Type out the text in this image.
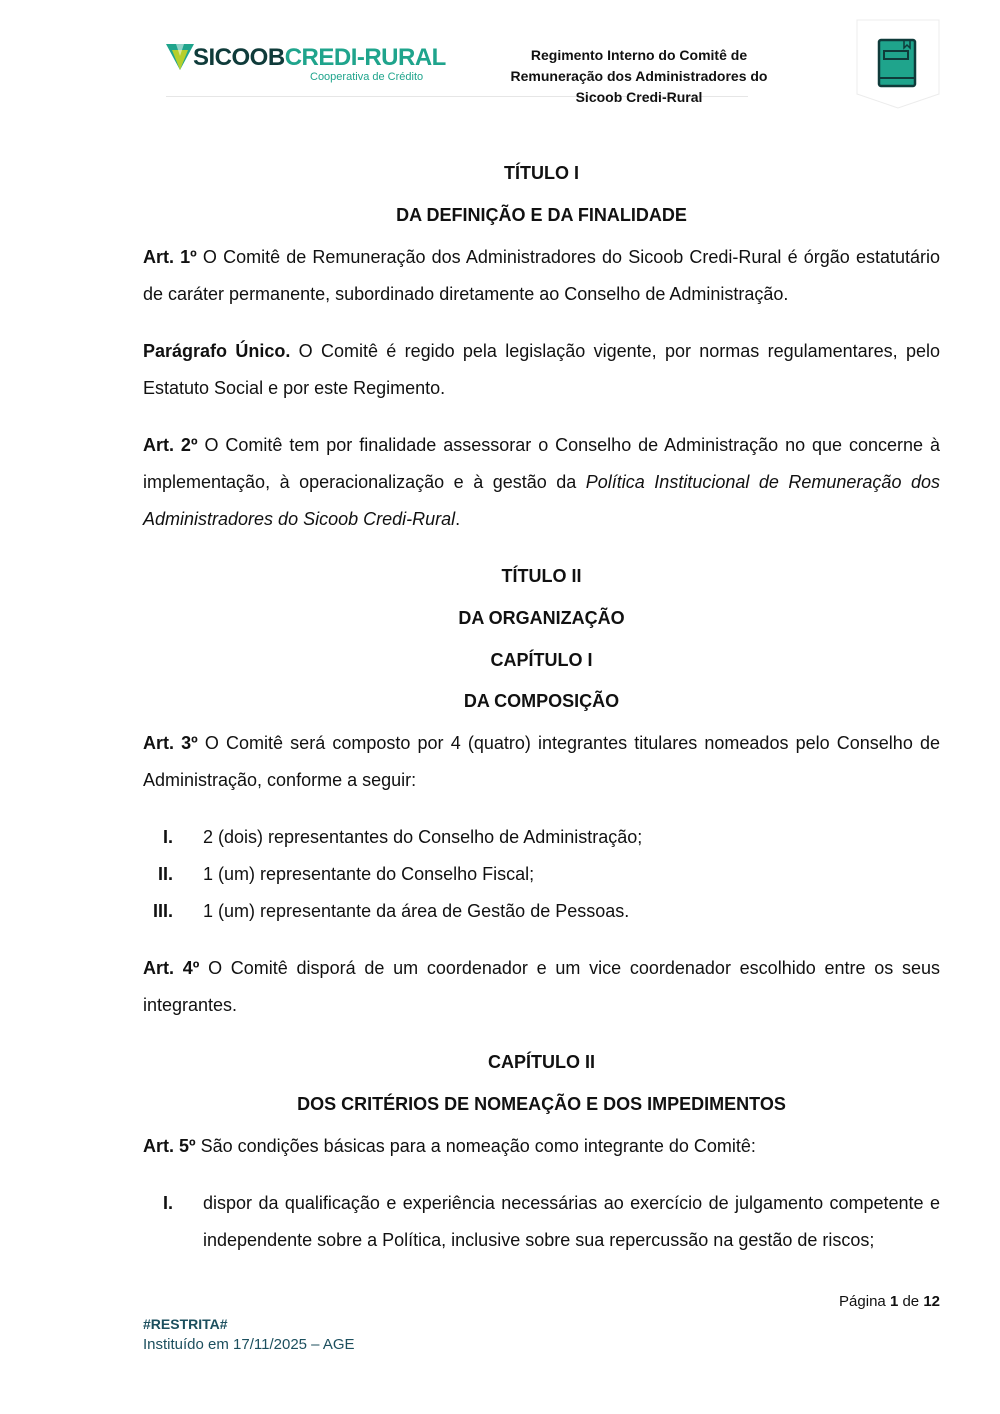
SICOOBCREDI-RURAL
Cooperativa de Crédito
Regimento Interno do Comitê de
Remuneração dos Administradores do
Sicoob Credi-Rural
TÍTULO I
DA DEFINIÇÃO E DA FINALIDADE
Art. 1º O Comitê de Remuneração dos Administradores do Sicoob Credi-Rural é órgão estatutário de caráter permanente, subordinado diretamente ao Conselho de Administração.
Parágrafo Único. O Comitê é regido pela legislação vigente, por normas regulamentares, pelo Estatuto Social e por este Regimento.
Art. 2º O Comitê tem por finalidade assessorar o Conselho de Administração no que concerne à implementação, à operacionalização e à gestão da Política Institucional de Remuneração dos Administradores do Sicoob Credi-Rural.
TÍTULO II
DA ORGANIZAÇÃO
CAPÍTULO I
DA COMPOSIÇÃO
Art. 3º O Comitê será composto por 4 (quatro) integrantes titulares nomeados pelo Conselho de Administração, conforme a seguir:
I. 2 (dois) representantes do Conselho de Administração;
II. 1 (um) representante do Conselho Fiscal;
III. 1 (um) representante da área de Gestão de Pessoas.
Art. 4º O Comitê disporá de um coordenador e um vice coordenador escolhido entre os seus integrantes.
CAPÍTULO II
DOS CRITÉRIOS DE NOMEAÇÃO E DOS IMPEDIMENTOS
Art. 5º São condições básicas para a nomeação como integrante do Comitê:
I. dispor da qualificação e experiência necessárias ao exercício de julgamento competente e independente sobre a Política, inclusive sobre sua repercussão na gestão de riscos;
Página 1 de 12
#RESTRITA#
Instituído em 17/11/2025 – AGE
